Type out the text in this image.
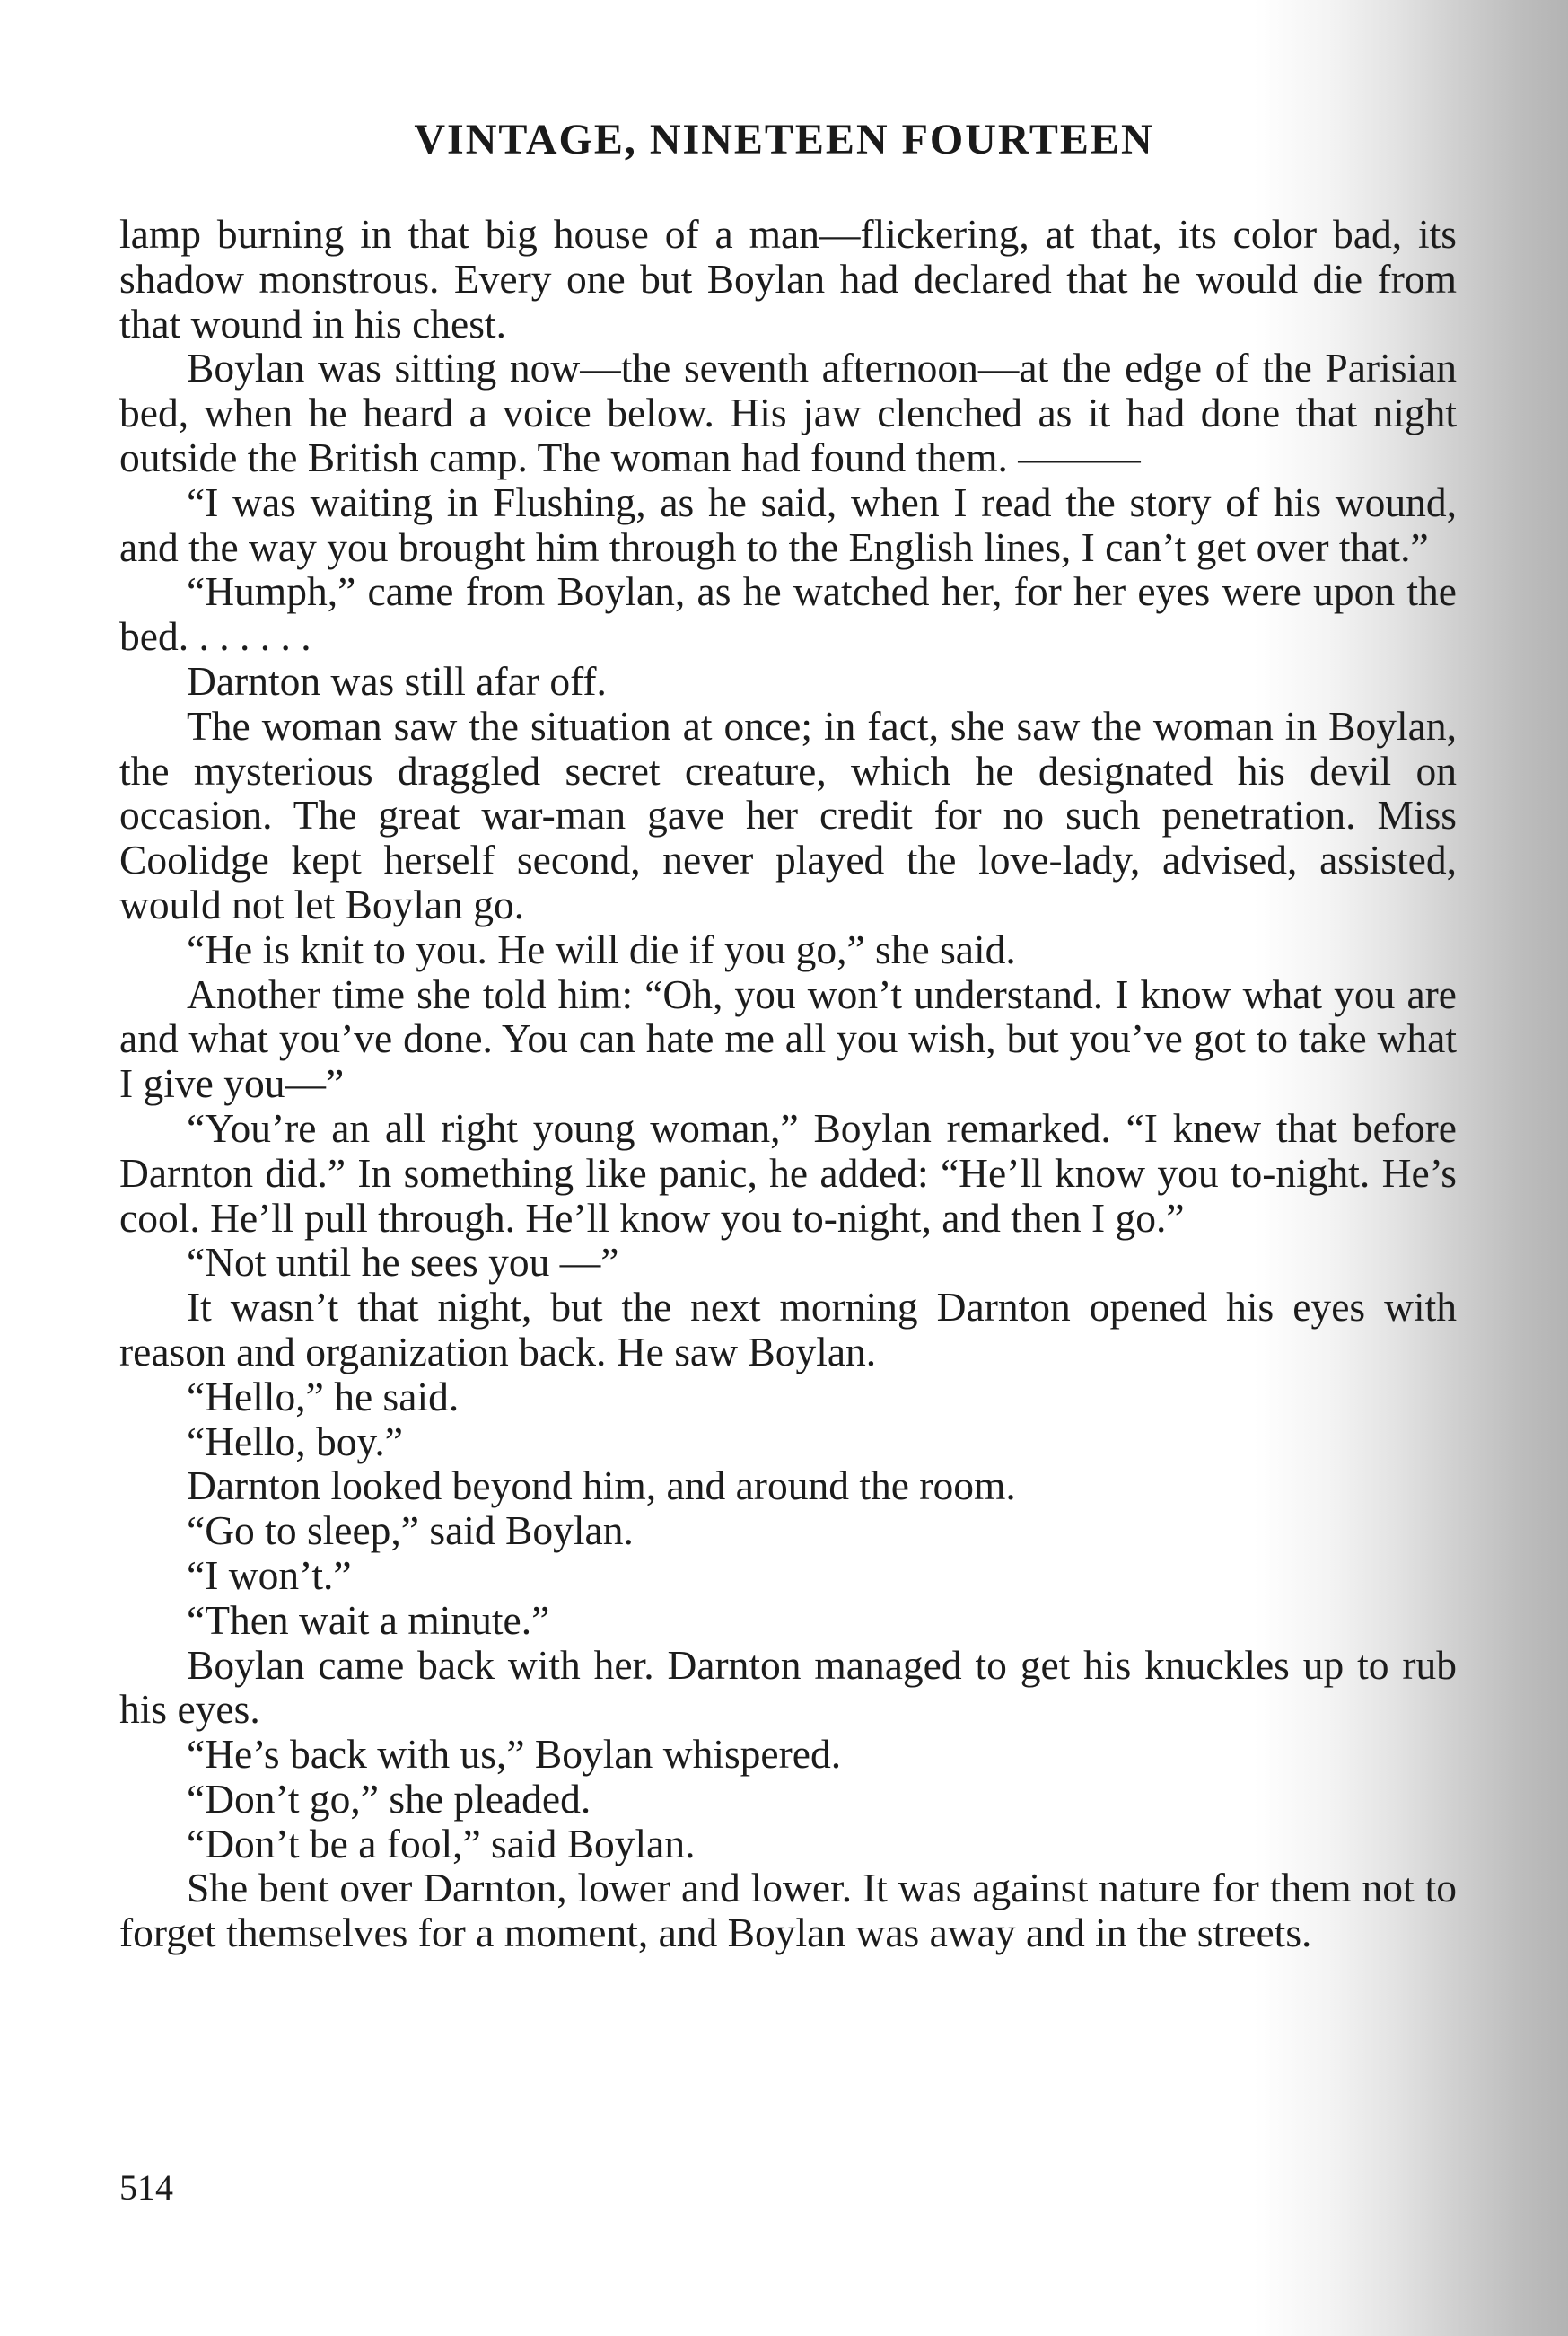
VINTAGE, NINETEEN FOURTEEN

lamp burning in that big house of a man—flickering, at that, its color bad, its shadow monstrous. Every one but Boylan had declared that he would die from that wound in his chest.

Boylan was sitting now—the seventh afternoon—at the edge of the Parisian bed, when he heard a voice below. His jaw clenched as it had done that night outside the British camp. The woman had found them. ———

“I was waiting in Flushing, as he said, when I read the story of his wound, and the way you brought him through to the English lines, I can’t get over that.”

“Humph,” came from Boylan, as he watched her, for her eyes were upon the bed. . . . . . .

Darnton was still afar off.

The woman saw the situation at once; in fact, she saw the woman in Boylan, the mysterious draggled secret creature, which he designated his devil on occasion. The great war-man gave her credit for no such penetration. Miss Coolidge kept herself second, never played the love-lady, advised, assisted, would not let Boylan go.

“He is knit to you. He will die if you go,” she said.

Another time she told him: “Oh, you won’t understand. I know what you are and what you’ve done. You can hate me all you wish, but you’ve got to take what I give you—”

“You’re an all right young woman,” Boylan remarked. “I knew that before Darnton did.” In something like panic, he added: “He’ll know you to-night. He’s cool. He’ll pull through. He’ll know you to-night, and then I go.”

“Not until he sees you —”

It wasn’t that night, but the next morning Darnton opened his eyes with reason and organization back. He saw Boylan.

“Hello,” he said.

“Hello, boy.”

Darnton looked beyond him, and around the room.

“Go to sleep,” said Boylan.

“I won’t.”

“Then wait a minute.”

Boylan came back with her. Darnton managed to get his knuckles up to rub his eyes.

“He’s back with us,” Boylan whispered.

“Don’t go,” she pleaded.

“Don’t be a fool,” said Boylan.

She bent over Darnton, lower and lower. It was against nature for them not to forget themselves for a moment, and Boylan was away and in the streets.

514
